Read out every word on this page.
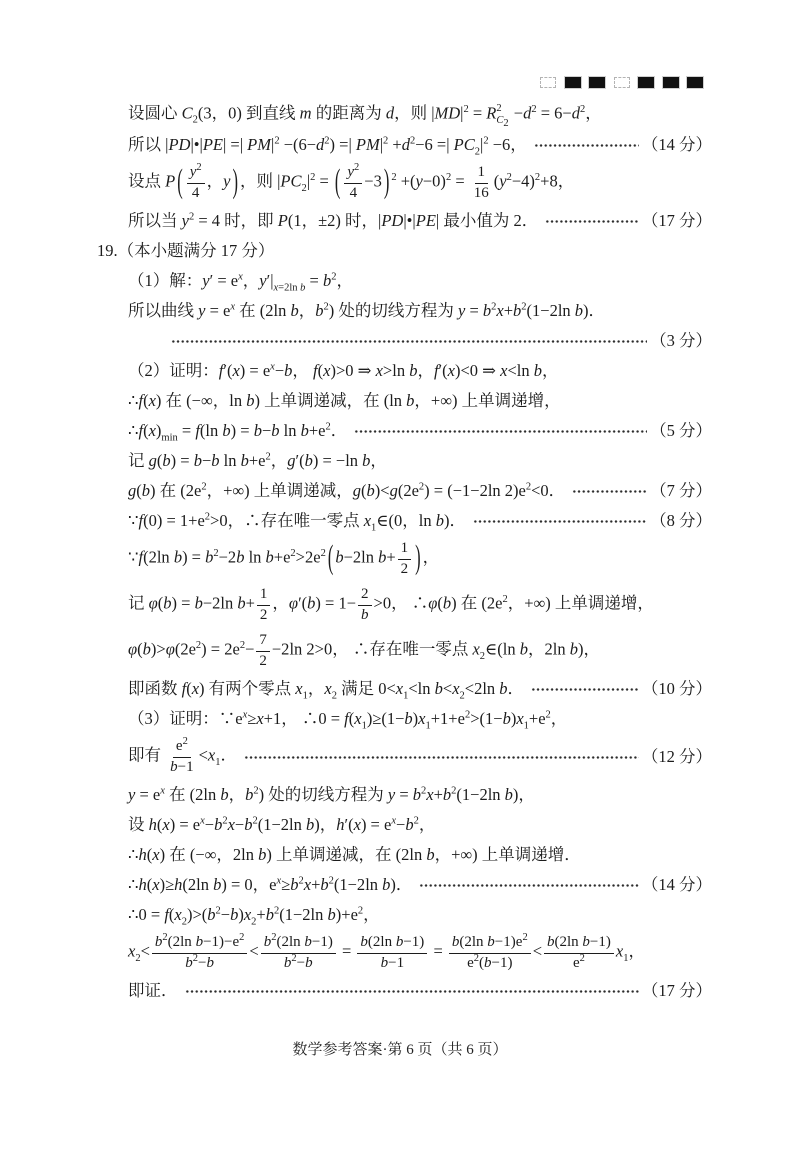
设圆心 $C_2(3$，0) 到直线 m 的距离为 d，则 $|MD|^2 = R$ 2
$C_2$
$-d^2 = 6-d^2$，
所以 |PD|•|PE| =| $PM|^2 -(6-d^2)$ =| $PM|^2 +d^2-6$ =| $PC_2|^2 -6$，	（14 分）
设点 P ( $\frac{y^2}{4}$ ，y ) ，则 $|PC_2|^2$ = ( $\frac{y^2}{4} -3$ ) $^2 +(y-0)^2 = \frac{1}{16} (y^2-4)^2+8$，
所以当 $y^2 = 4$ 时，即 P(1，±2) 时，|PD|•|PE| 最小值为 2．	（17 分）
19.（本小题满分 17 分）
（1）解：$y' = e^x$，$y'|_{x=2ln b} = b^2$，
所以曲线 $y = e^x$ 在 (2ln b，$b^2$) 处的切线方程为 $y = b^2x+b^2(1-2\ln$ b)．
（3 分）
（2）证明：$f'(x) = e^x-b$， f(x)>0 ⇒ x>ln b，f′(x)<0 ⇒ x<ln b，
∴f(x) 在 (−∞，ln b) 上单调递减，在 (ln b，+∞) 上单调递增，
$\therefore f(x)_{min} = f(\ln$ b) = b−b $\ln b+e^2$．	（5 分）
记 g(b) = b−b $\ln b+e^2$，g′(b) = −ln b，
g(b) 在 ($2e^2$，+∞) 上单调递减，$g(b)<g(2e^2) = (-1-2\ln$ $2)e^2<0$．	（7 分）
∵f(0) = $1+e^2>0$，∴存在唯一零点 $x_1\in(0$，ln b)．	（8 分）
∵f(2ln $b) = b^2-2b$ $\ln b+e^2>2e^2$ ( b−2ln $b+ \frac{1}{2}$ ) ，
记 φ(b) = b−2ln $b+ \frac{1}{2}$ ，$\varphi'(b) = 1- \frac{2}{b} >0$， ∴φ(b) 在 ($2e^2$，+∞) 上单调递增，
$\varphi(b)>\varphi(2e^2) = 2e^2- \frac{7}{2} -2\ln$ 2>0， ∴存在唯一零点 $x_2\in(\ln$ b，2ln b)，
即函数 f(x) 有两个零点 $x_1$，$x_2$ 满足 $0<x_1<\ln$ $b<x_2<2\ln$ b．	（10 分）
（3）证明：$\because e^x\ge x+1$， ∴0 = $f(x_1)\ge(1-b)x_1+1+e^2>(1-b)x_1+e^2$，
即有 $\frac{e^2}{b-1} <x_1$．	（12 分）
$y = e^x$ 在 (2ln b，$b^2$) 处的切线方程为 $y = b^2x+b^2(1-2\ln$ b)，
设 $h(x) = e^x-b^2x-b^2(1-2\ln$ b)，$h'(x) = e^x-b^2$，
∴h(x) 在 (−∞，2ln b) 上单调递减，在 (2ln b，+∞) 上单调递增．
∴h(x)≥h(2ln b) = 0，$e^x\ge b^2x+b^2(1-2\ln$ b)．	（14 分）
∴0 = $f(x_2)>(b^2-b)x_2+b^2(1-2\ln$ $b)+e^2$，
$x_2< \frac{b^2(2\ln b-1)-e^2}{b^2-b} < \frac{b^2(2\ln b-1)}{b^2-b} = \frac{\text{b(2ln b−1)}}{b-1} = \frac{b(2\ln b-1)e^2}{e^2(b-1)} < \frac{\text{b(2ln b−1)}}{e^2} x_1$，
即证．	（17 分）
数学参考答案·第 6 页（共 6 页）
